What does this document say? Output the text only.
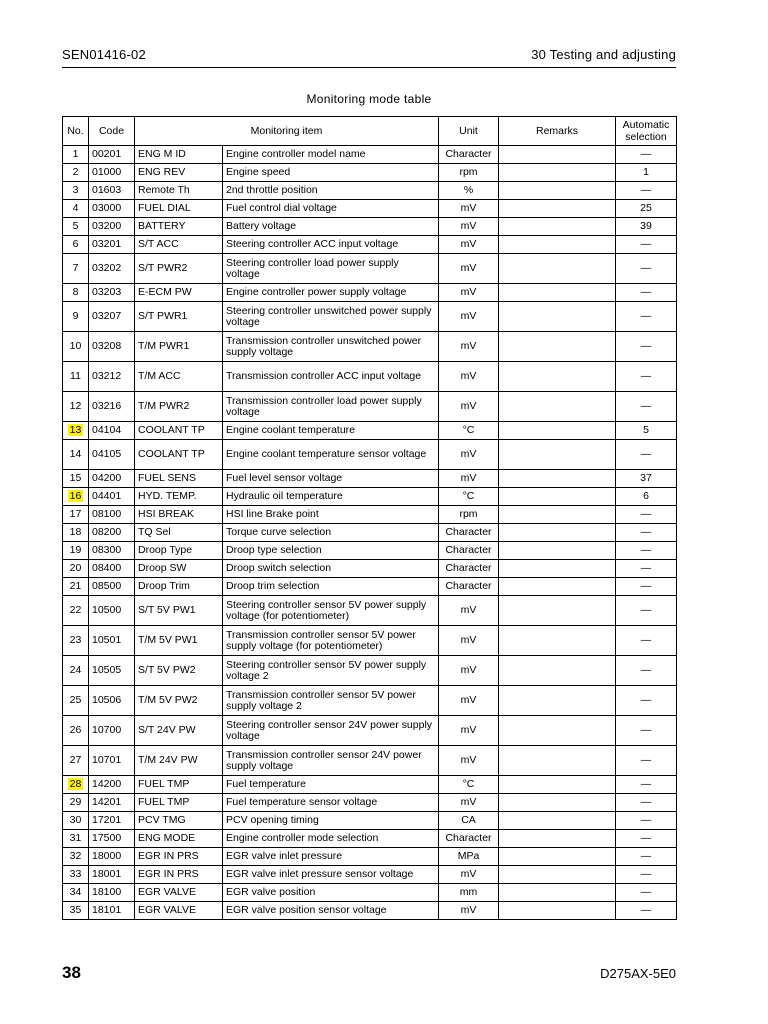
SEN01416-02	30 Testing and adjusting
Monitoring mode table
No.	Code	Monitoring item		Unit	Remarks	Automatic selection
1	00201	ENG M ID	Engine controller model name	Character		—
2	01000	ENG REV	Engine speed	rpm		1
3	01603	Remote Th	2nd throttle position	%		—
4	03000	FUEL DIAL	Fuel control dial voltage	mV		25
5	03200	BATTERY	Battery voltage	mV		39
6	03201	S/T ACC	Steering controller ACC input voltage	mV		—
7	03202	S/T PWR2	Steering controller load power supply voltage	mV		—
8	03203	E-ECM PW	Engine controller power supply voltage	mV		—
9	03207	S/T PWR1	Steering controller unswitched power supply voltage	mV		—
10	03208	T/M PWR1	Transmission controller unswitched power supply voltage	mV		—
11	03212	T/M ACC	Transmission controller ACC input voltage	mV		—
12	03216	T/M PWR2	Transmission controller load power supply voltage	mV		—
13	04104	COOLANT TP	Engine coolant temperature	°C		5
14	04105	COOLANT TP	Engine coolant temperature sensor voltage	mV		—
15	04200	FUEL SENS	Fuel level sensor voltage	mV		37
16	04401	HYD. TEMP.	Hydraulic oil temperature	°C		6
17	08100	HSI BREAK	HSI line Brake point	rpm		—
18	08200	TQ Sel	Torque curve selection	Character		—
19	08300	Droop Type	Droop type selection	Character		—
20	08400	Droop SW	Droop switch selection	Character		—
21	08500	Droop Trim	Droop trim selection	Character		—
22	10500	S/T 5V PW1	Steering controller sensor 5V power supply voltage (for potentiometer)	mV		—
23	10501	T/M 5V PW1	Transmission controller sensor 5V power supply voltage (for potentiometer)	mV		—
24	10505	S/T 5V PW2	Steering controller sensor 5V power supply voltage 2	mV		—
25	10506	T/M 5V PW2	Transmission controller sensor 5V power supply voltage 2	mV		—
26	10700	S/T 24V PW	Steering controller sensor 24V power supply voltage	mV		—
27	10701	T/M 24V PW	Transmission controller sensor 24V power supply voltage	mV		—
28	14200	FUEL TMP	Fuel temperature	°C		—
29	14201	FUEL TMP	Fuel temperature sensor voltage	mV		—
30	17201	PCV TMG	PCV opening timing	CA		—
31	17500	ENG MODE	Engine controller mode selection	Character		—
32	18000	EGR IN PRS	EGR valve inlet pressure	MPa		—
33	18001	EGR IN PRS	EGR valve inlet pressure sensor voltage	mV		—
34	18100	EGR VALVE	EGR valve position	mm		—
35	18101	EGR VALVE	EGR valve position sensor voltage	mV		—
38	D275AX-5E0
